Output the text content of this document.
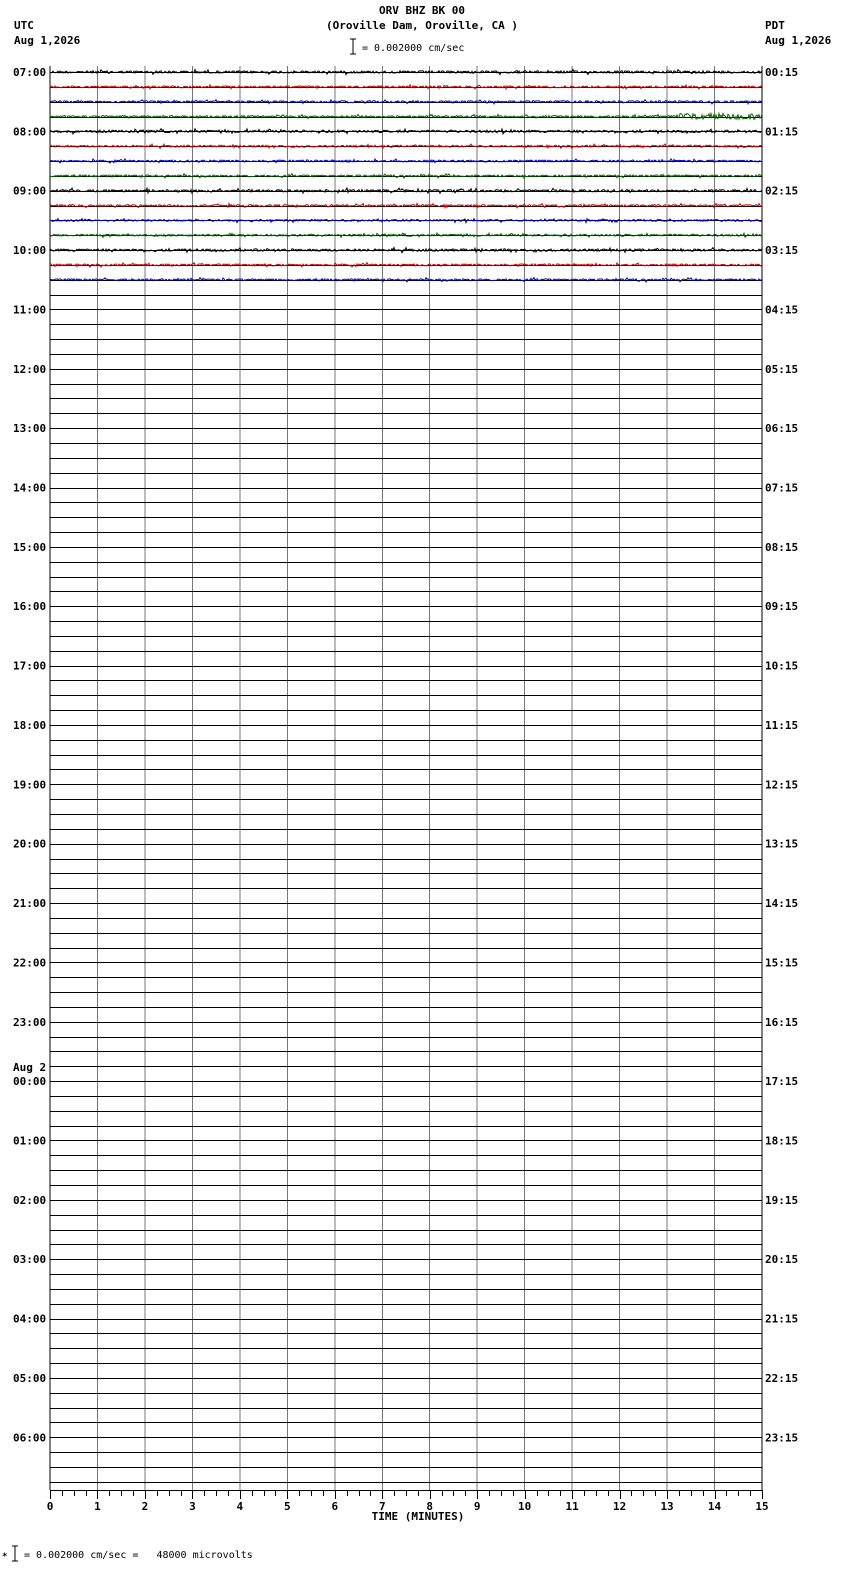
ORV BHZ BK 00
(Oroville Dam, Oroville, CA )
UTC
Aug 1,2026
PDT
Aug 1,2026
= 0.002000 cm/sec
07:00
08:00
09:00
10:00
11:00
12:00
13:00
14:00
15:00
16:00
17:00
18:00
19:00
20:00
21:00
22:00
23:00
00:00
01:00
02:00
03:00
04:00
05:00
06:00
00:15
01:15
02:15
03:15
04:15
05:15
06:15
07:15
08:15
09:15
10:15
11:15
12:15
13:15
14:15
15:15
16:15
17:15
18:15
19:15
20:15
21:15
22:15
23:15
Aug 2
0	1	2	3	4	5	6	7	8	9	10	11	12	13	14	15
TIME (MINUTES)
* = 0.002000 cm/sec =   48000 microvolts
